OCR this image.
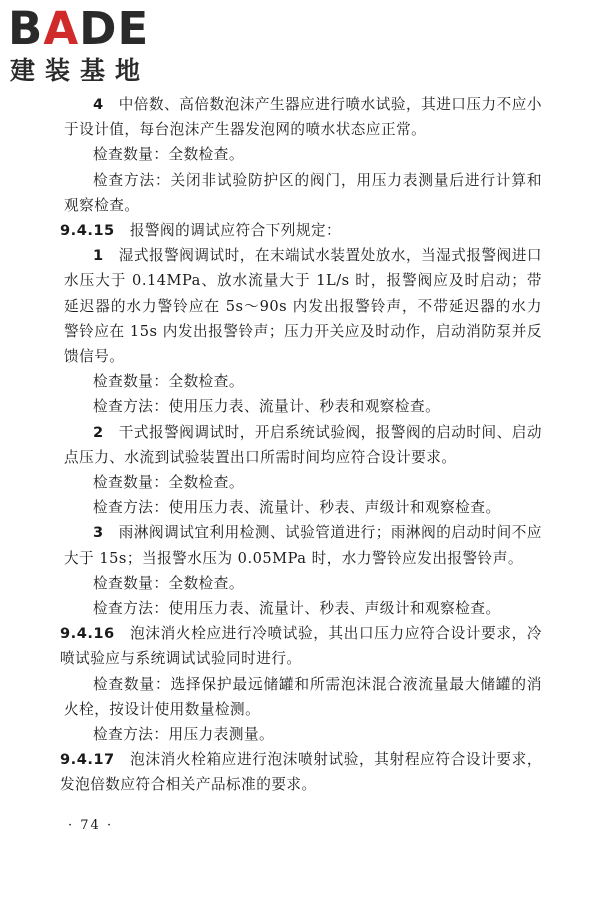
BADE
建装基地

4　 中倍数、高倍数泡沫产生器应进行喷水试验，其进口压力不应小于设计值，每台泡沫产生器发泡网的喷水状态应正常。

检查数量：全数检查。

检查方法：关闭非试验防护区的阀门，用压力表测量后进行计算和观察检查。

9.4.15　 报警阀的调试应符合下列规定：

1　 湿式报警阀调试时，在末端试水装置处放水，当湿式报警阀进口水压大于 0.14MPa、放水流量大于 1L/s 时，报警阀应及时启动；带延迟器的水力警铃应在 5s～90s 内发出报警铃声，不带延迟器的水力警铃应在 15s 内发出报警铃声；压力开关应及时动作，启动消防泵并反馈信号。

检查数量：全数检查。

检查方法：使用压力表、流量计、秒表和观察检查。

2　 干式报警阀调试时，开启系统试验阀，报警阀的启动时间、启动点压力、水流到试验装置出口所需时间均应符合设计要求。

检查数量：全数检查。

检查方法：使用压力表、流量计、秒表、声级计和观察检查。

3　 雨淋阀调试宜利用检测、试验管道进行；雨淋阀的启动时间不应大于 15s；当报警水压为 0.05MPa 时，水力警铃应发出报警铃声。

检查数量：全数检查。

检查方法：使用压力表、流量计、秒表、声级计和观察检查。

9.4.16　 泡沫消火栓应进行冷喷试验，其出口压力应符合设计要求，冷喷试验应与系统调试试验同时进行。

检查数量：选择保护最远储罐和所需泡沫混合液流量最大储罐的消火栓，按设计使用数量检测。

检查方法：用压力表测量。

9.4.17　 泡沫消火栓箱应进行泡沫喷射试验，其射程应符合设计要求，发泡倍数应符合相关产品标准的要求。

· 74 ·
